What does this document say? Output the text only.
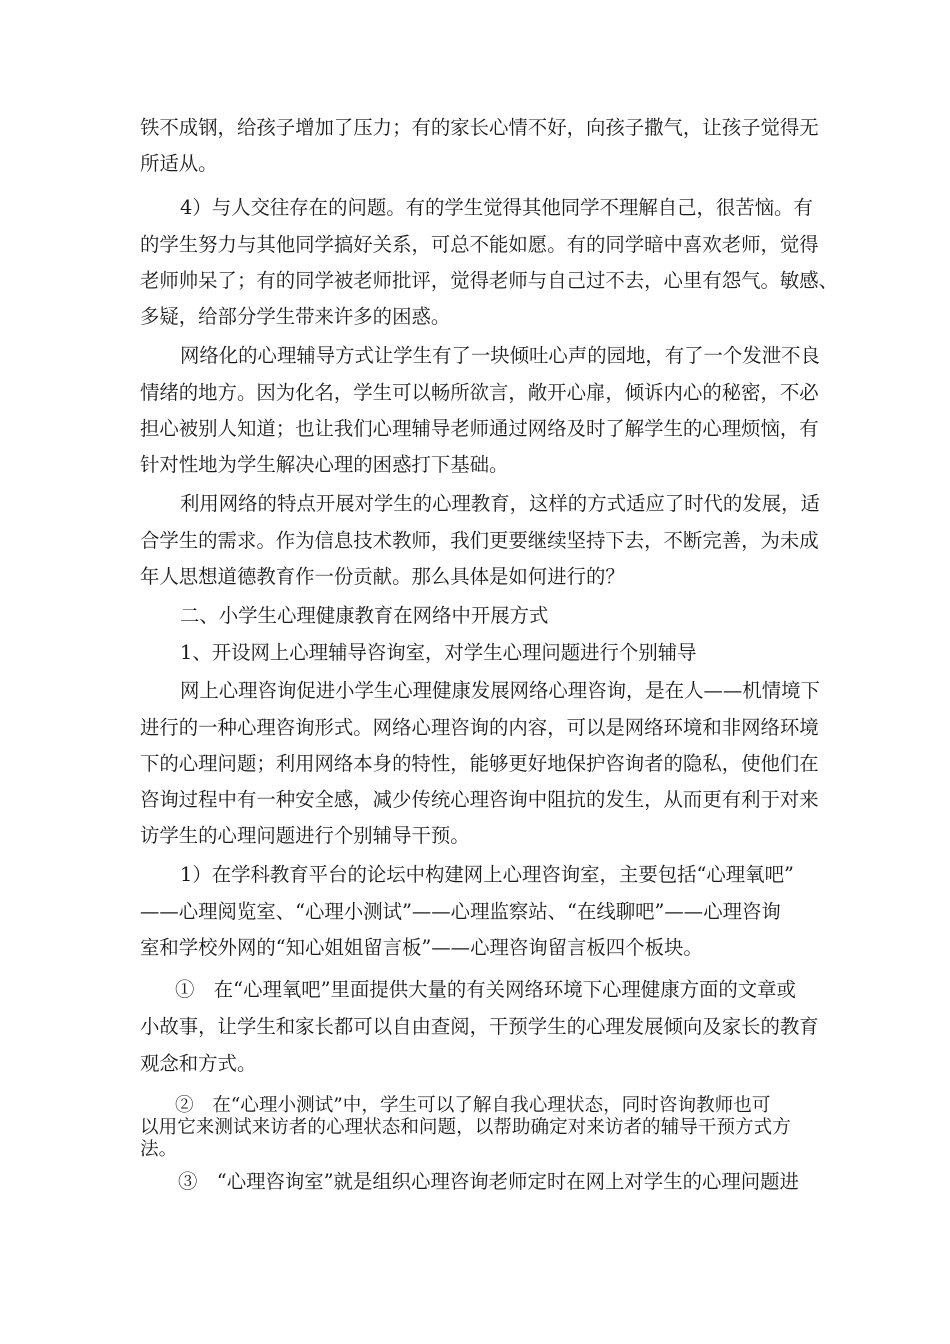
铁不成钢，给孩子增加了压力；有的家长心情不好，向孩子撒气，让孩子觉得无
所适从。
4）与人交往存在的问题。有的学生觉得其他同学不理解自己，很苦恼。有
的学生努力与其他同学搞好关系，可总不能如愿。有的同学暗中喜欢老师，觉得
老师帅呆了；有的同学被老师批评，觉得老师与自己过不去，心里有怨气。敏感、
多疑，给部分学生带来许多的困惑。
网络化的心理辅导方式让学生有了一块倾吐心声的园地，有了一个发泄不良
情绪的地方。因为化名，学生可以畅所欲言，敞开心扉，倾诉内心的秘密，不必
担心被别人知道；也让我们心理辅导老师通过网络及时了解学生的心理烦恼，有
针对性地为学生解决心理的困惑打下基础。
利用网络的特点开展对学生的心理教育，这样的方式适应了时代的发展，适
合学生的需求。作为信息技术教师，我们更要继续坚持下去，不断完善，为未成
年人思想道德教育作一份贡献。那么具体是如何进行的？
二、小学生心理健康教育在网络中开展方式
1、开设网上心理辅导咨询室，对学生心理问题进行个别辅导
网上心理咨询促进小学生心理健康发展网络心理咨询，是在人——机情境下
进行的一种心理咨询形式。网络心理咨询的内容，可以是网络环境和非网络环境
下的心理问题；利用网络本身的特性，能够更好地保护咨询者的隐私，使他们在
咨询过程中有一种安全感，减少传统心理咨询中阻抗的发生，从而更有利于对来
访学生的心理问题进行个别辅导干预。
1）在学科教育平台的论坛中构建网上心理咨询室，主要包括“心理氧吧”
——心理阅览室、“心理小测试”——心理监察站、“在线聊吧”——心理咨询
室和学校外网的“知心姐姐留言板”——心理咨询留言板四个板块。
①　在“心理氧吧”里面提供大量的有关网络环境下心理健康方面的文章或
小故事，让学生和家长都可以自由查阅，干预学生的心理发展倾向及家长的教育
观念和方式。
②　在“心理小测试”中，学生可以了解自我心理状态，同时咨询教师也可
以用它来测试来访者的心理状态和问题，以帮助确定对来访者的辅导干预方式方
法。
③　“心理咨询室”就是组织心理咨询老师定时在网上对学生的心理问题进
